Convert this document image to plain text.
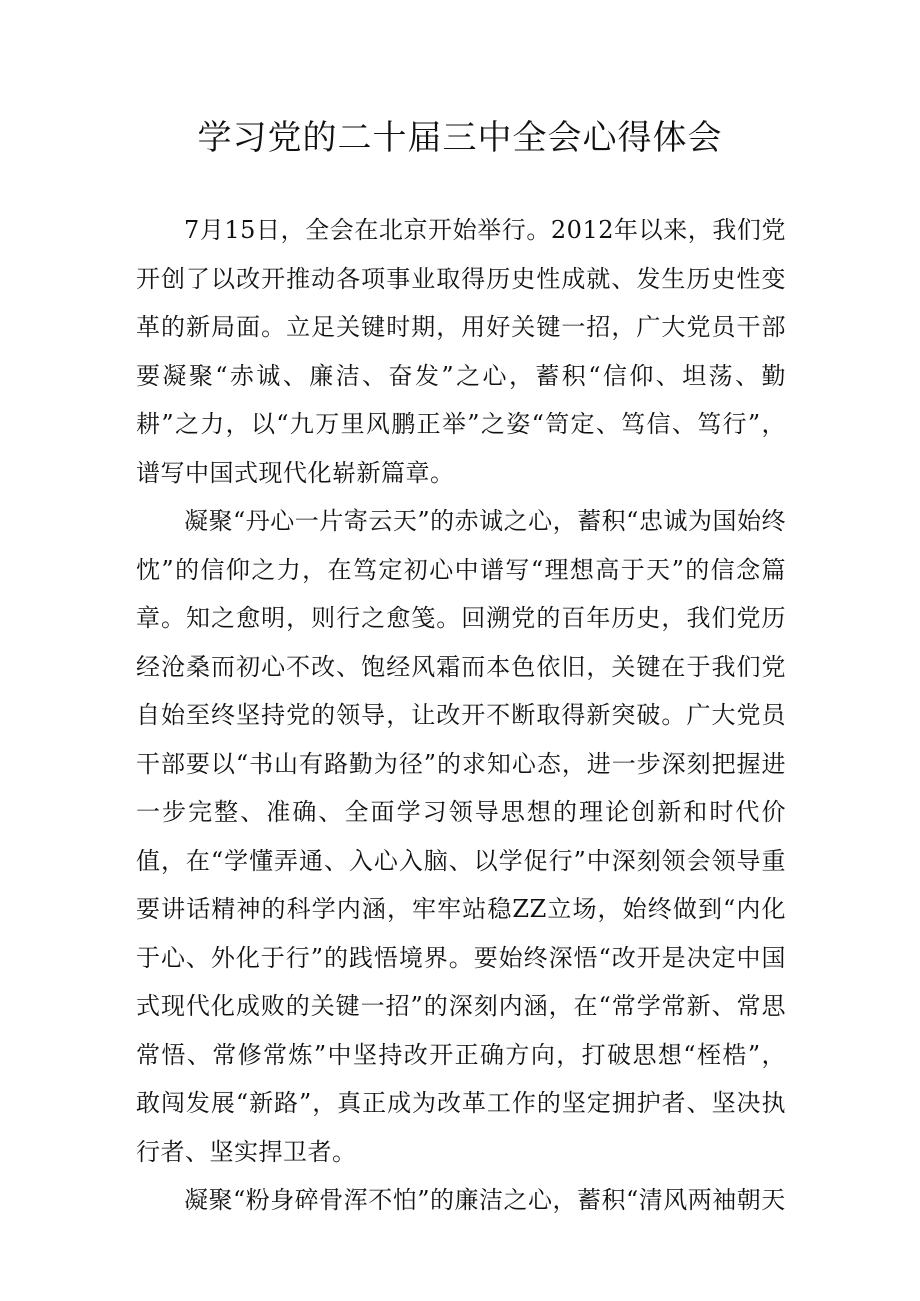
学习党的二十届三中全会心得体会

7月15日，全会在北京开始举行。2012年以来，我们党开创了以改开推动各项事业取得历史性成就、发生历史性变革的新局面。立足关键时期，用好关键一招，广大党员干部要凝聚“赤诚、廉洁、奋发”之心，蓄积“信仰、坦荡、勤耕”之力，以“九万里风鹏正举”之姿“笥定、笃信、笃行”，谱写中国式现代化崭新篇章。

凝聚“丹心一片寄云天”的赤诚之心，蓄积“忠诚为国始终忱”的信仰之力，在笃定初心中谱写“理想高于天”的信念篇章。知之愈明，则行之愈笺。回溯党的百年历史，我们党历经沧桑而初心不改、饱经风霜而本色依旧，关键在于我们党自始至终坚持党的领导，让改开不断取得新突破。广大党员干部要以“书山有路勤为径”的求知心态，进一步深刻把握进一步完整、准确、全面学习领导思想的理论创新和时代价值，在“学懂弄通、入心入脑、以学促行”中深刻领会领导重要讲话精神的科学内涵，牢牢站稳ZZ立场，始终做到“内化于心、外化于行”的践悟境界。要始终深悟“改开是决定中国式现代化成败的关键一招”的深刻内涵，在“常学常新、常思常悟、常修常炼”中坚持改开正确方向，打破思想“桎梏”，敢闯发展“新路”，真正成为改革工作的坚定拥护者、坚决执行者、坚实捍卫者。

凝聚“粉身碎骨浑不怕”的廉洁之心，蓄积“清风两袖朝天
